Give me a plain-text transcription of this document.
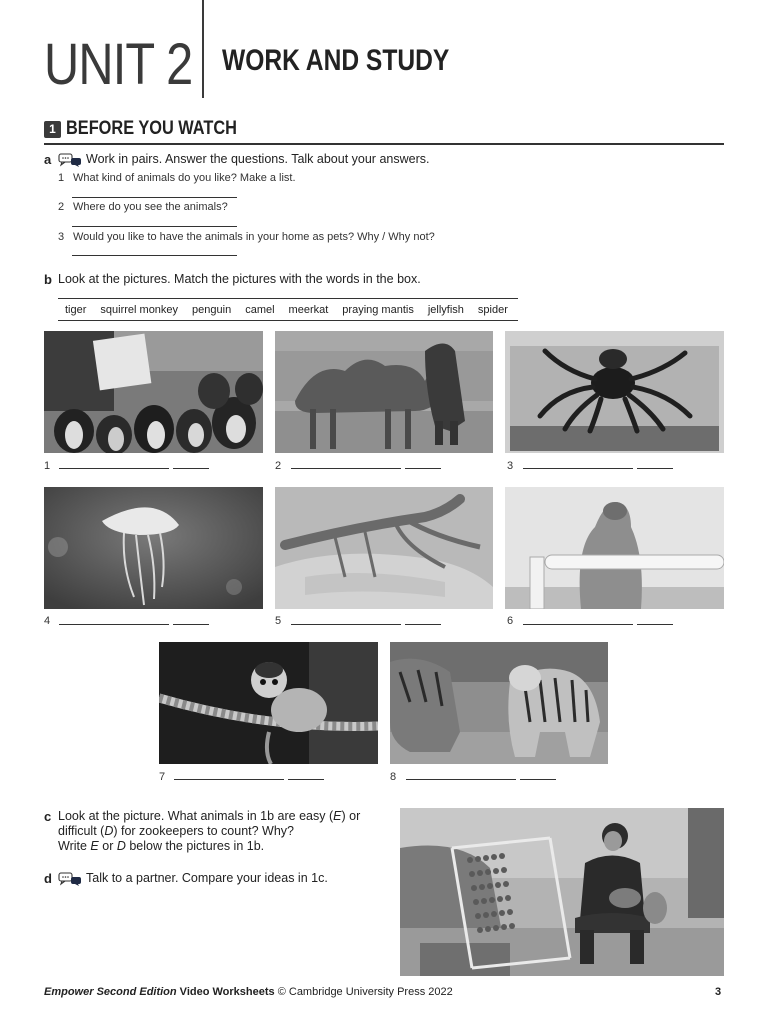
UNIT 2 WORK AND STUDY
1 BEFORE YOU WATCH
a	Work in pairs. Answer the questions. Talk about your answers.
1 What kind of animals do you like? Make a list.
2 Where do you see the animals?
3 Would you like to have the animals in your home as pets? Why / Why not?
b Look at the pictures. Match the pictures with the words in the box.
tiger	squirrel monkey	penguin	camel	meerkat	praying mantis	jellyfish	spider
1	2	3
4	5	6
7	8
c Look at the picture. What animals in 1b are easy (E) or
difficult (D) for zookeepers to count? Why?
Write E or D below the pictures in 1b.
d	Talk to a partner. Compare your ideas in 1c.
Empower Second Edition Video Worksheets © Cambridge University Press 2022	3
